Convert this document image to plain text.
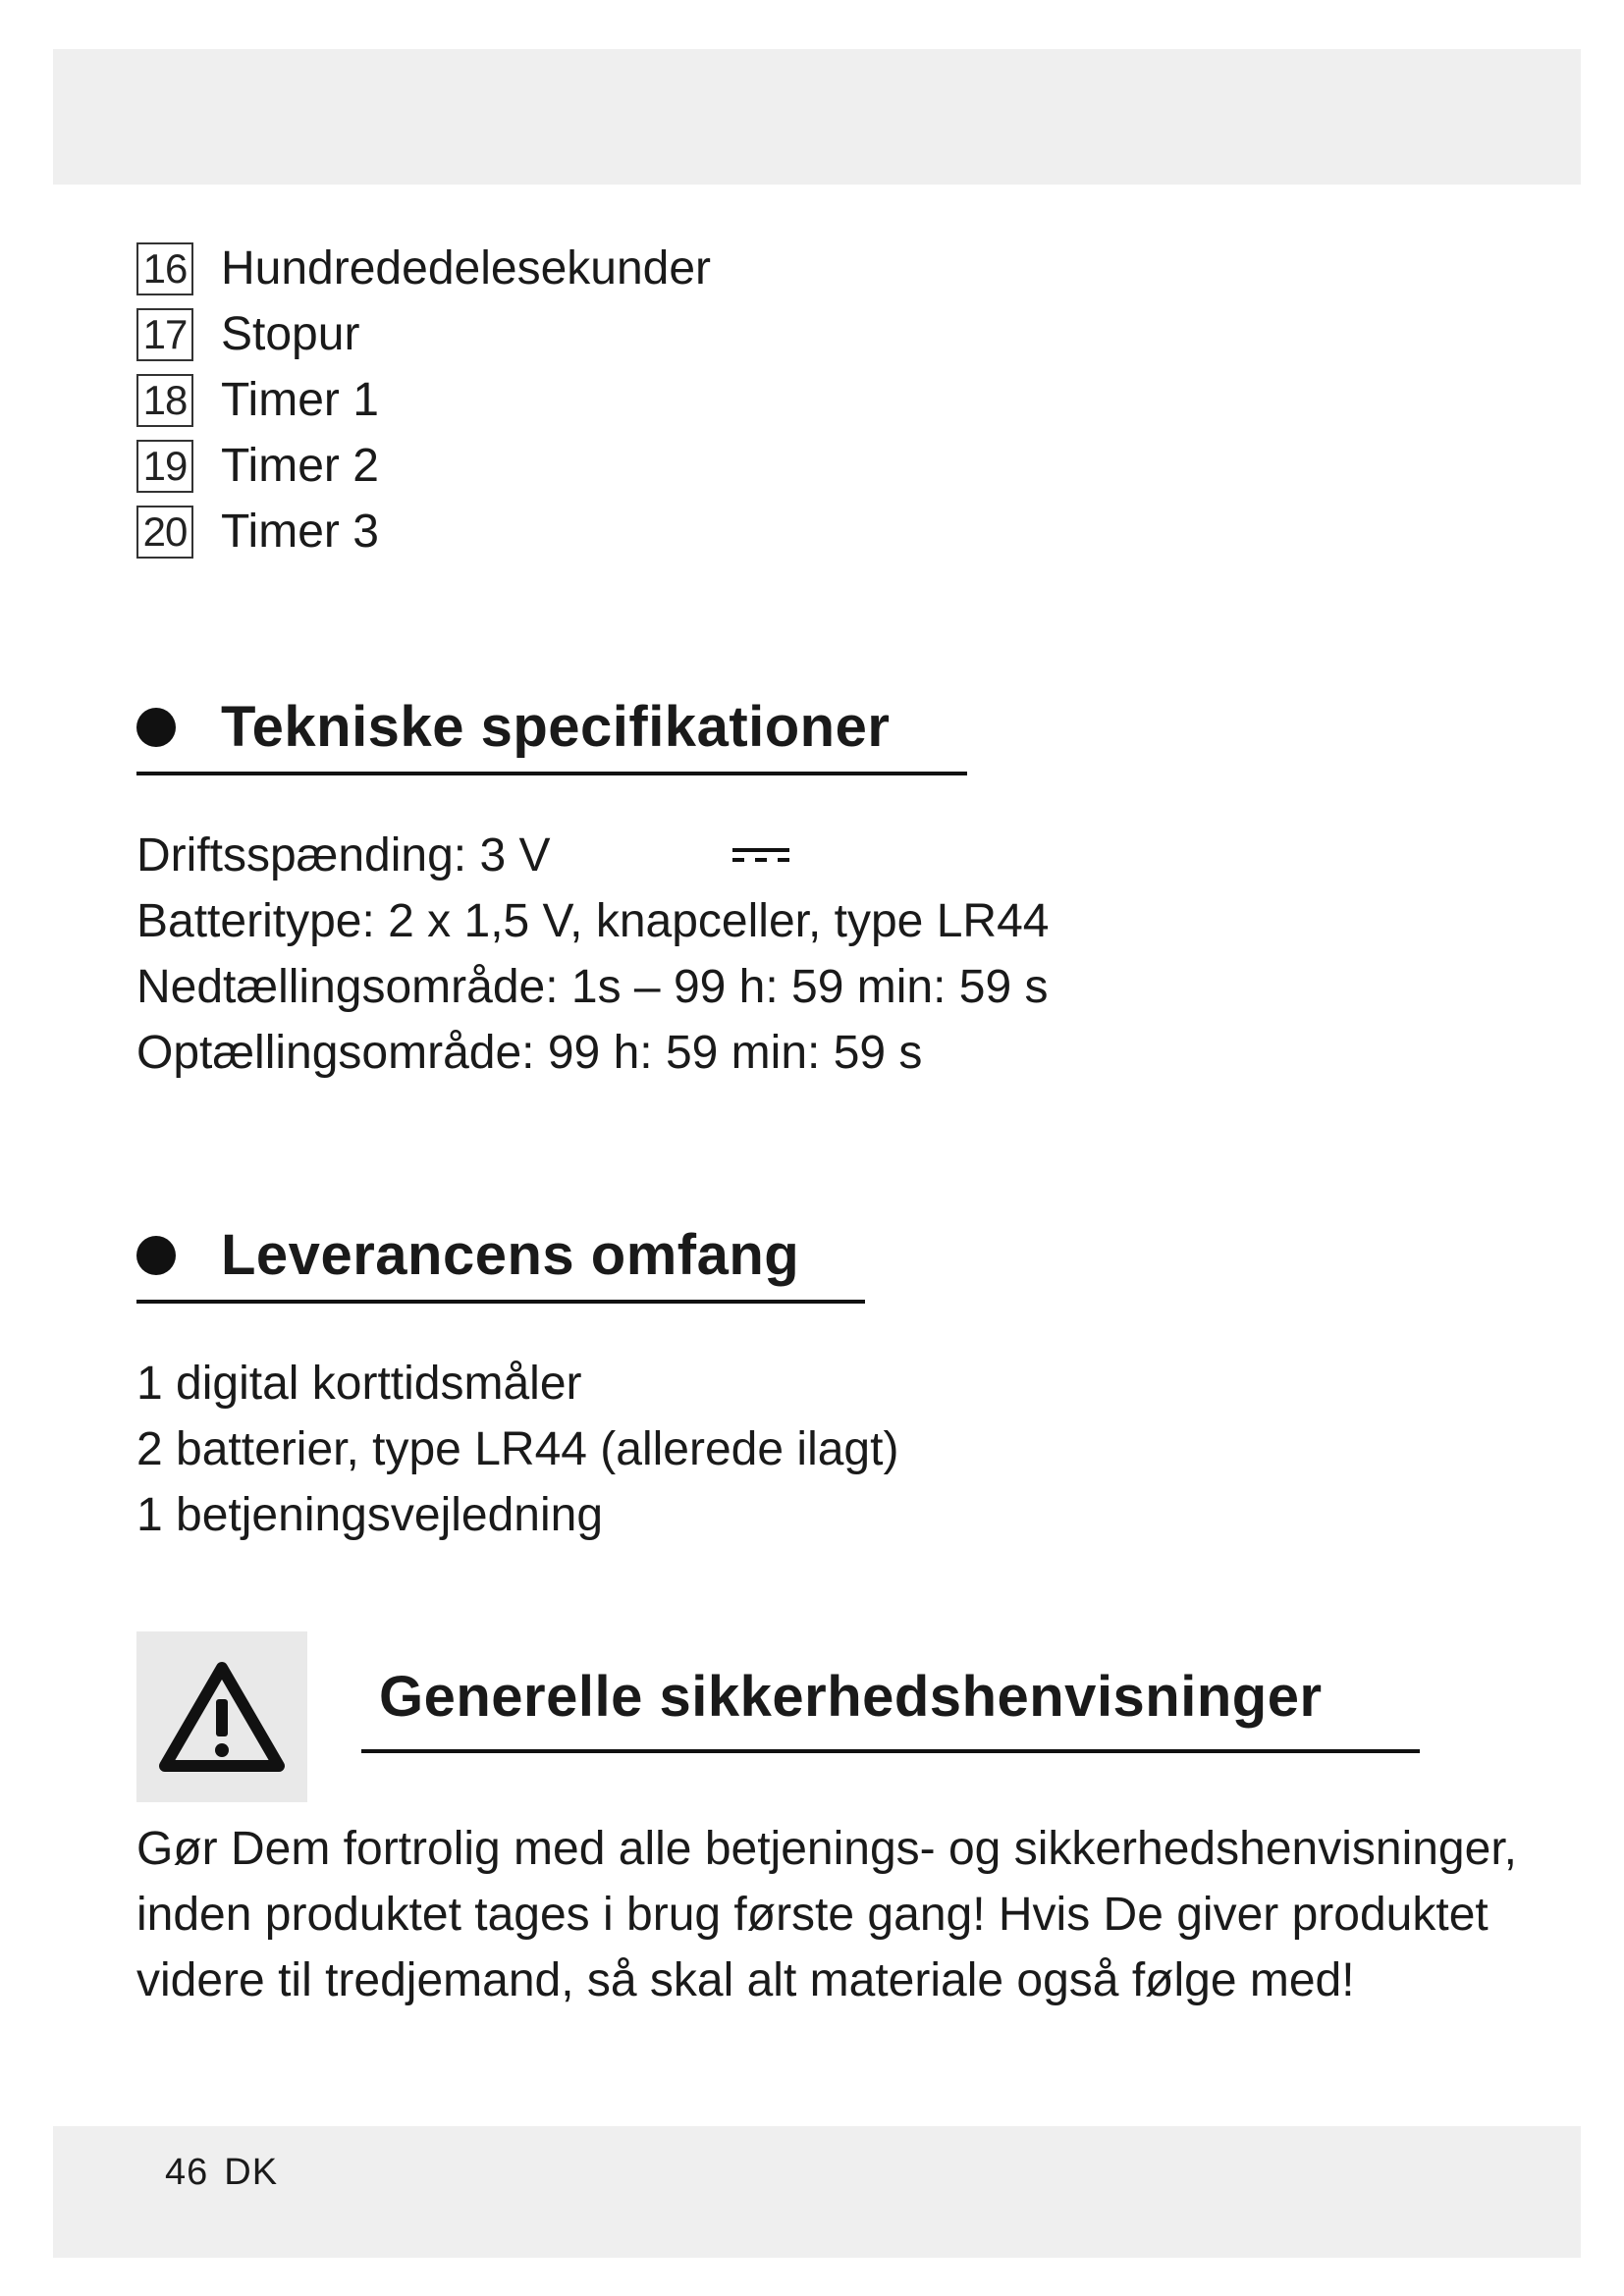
16 Hundrededelesekunder
17 Stopur
18 Timer 1
19 Timer 2
20 Timer 3
Tekniske specifikationer

Driftsspænding: 3 V

Batteritype: 2 x 1,5 V, knapceller, type LR44

Nedtællingsområde: 1s – 99 h: 59 min: 59 s

Optællingsområde: 99 h: 59 min: 59 s

Leverancens omfang

1 digital korttidsmåler

2 batterier, type LR44 (allerede ilagt)

1 betjeningsvejledning

Generelle sikkerhedshenvisninger

Gør Dem fortrolig med alle betjenings- og sikkerhedshenvisninger,

inden produktet tages i brug første gang! Hvis De giver produktet

videre til tredjemand, så skal alt materiale også følge med!

46 DK
